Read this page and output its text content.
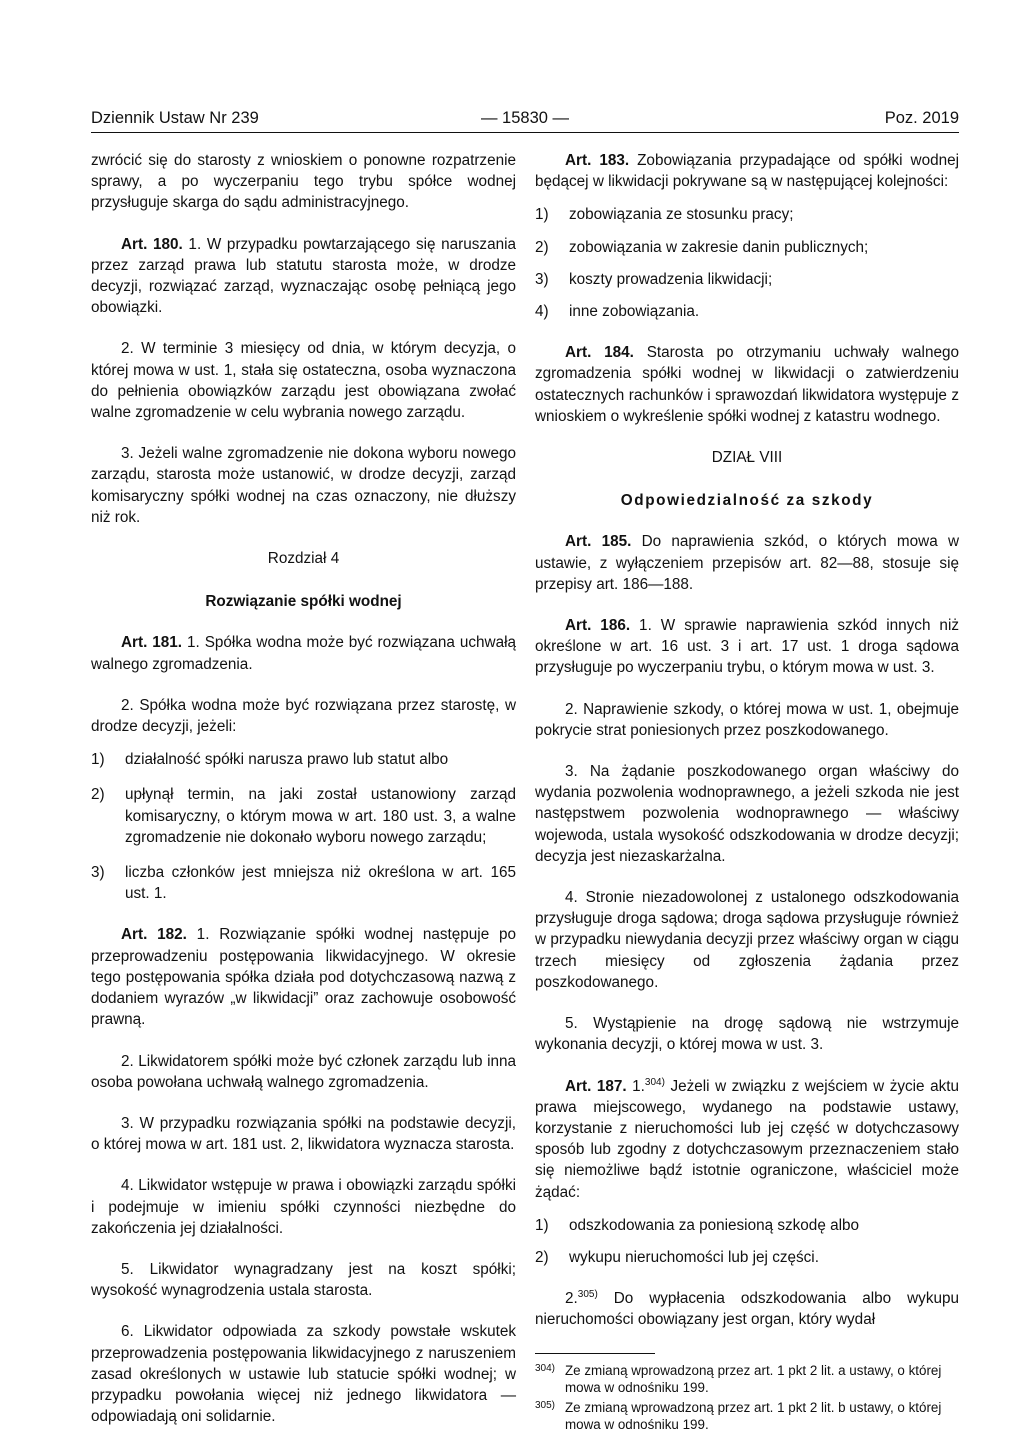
Dziennik Ustaw Nr 239	— 15830 —	Poz. 2019

zwrócić się do starosty z wnioskiem o ponowne rozpatrzenie sprawy, a po wyczerpaniu tego trybu spółce wodnej przysługuje skarga do sądu administracyjnego.

Art. 180. 1. W przypadku powtarzającego się naruszania przez zarząd prawa lub statutu starosta może, w drodze decyzji, rozwiązać zarząd, wyznaczając osobę pełniącą jego obowiązki.

2. W terminie 3 miesięcy od dnia, w którym decyzja, o której mowa w ust. 1, stała się ostateczna, osoba wyznaczona do pełnienia obowiązków zarządu jest obowiązana zwołać walne zgromadzenie w celu wybrania nowego zarządu.

3. Jeżeli walne zgromadzenie nie dokona wyboru nowego zarządu, starosta może ustanowić, w drodze decyzji, zarząd komisaryczny spółki wodnej na czas oznaczony, nie dłuższy niż rok.

Rozdział 4
Rozwiązanie spółki wodnej

Art. 181. 1. Spółka wodna może być rozwiązana uchwałą walnego zgromadzenia.

2. Spółka wodna może być rozwiązana przez starostę, w drodze decyzji, jeżeli:

1) działalność spółki narusza prawo lub statut albo
2) upłynął termin, na jaki został ustanowiony zarząd komisaryczny, o którym mowa w art. 180 ust. 3, a walne zgromadzenie nie dokonało wyboru nowego zarządu;
3) liczba członków jest mniejsza niż określona w art. 165 ust. 1.

Art. 182. 1. Rozwiązanie spółki wodnej następuje po przeprowadzeniu postępowania likwidacyjnego. W okresie tego postępowania spółka działa pod dotychczasową nazwą z dodaniem wyrazów „w likwidacji” oraz zachowuje osobowość prawną.

2. Likwidatorem spółki może być członek zarządu lub inna osoba powołana uchwałą walnego zgromadzenia.

3. W przypadku rozwiązania spółki na podstawie decyzji, o której mowa w art. 181 ust. 2, likwidatora wyznacza starosta.

4. Likwidator wstępuje w prawa i obowiązki zarządu spółki i podejmuje w imieniu spółki czynności niezbędne do zakończenia jej działalności.

5. Likwidator wynagradzany jest na koszt spółki; wysokość wynagrodzenia ustala starosta.

6. Likwidator odpowiada za szkody powstałe wskutek przeprowadzenia postępowania likwidacyjnego z naruszeniem zasad określonych w ustawie lub statucie spółki wodnej; w przypadku powołania więcej niż jednego likwidatora — odpowiadają oni solidarnie.

Art. 183. Zobowiązania przypadające od spółki wodnej będącej w likwidacji pokrywane są w następującej kolejności:

1) zobowiązania ze stosunku pracy;
2) zobowiązania w zakresie danin publicznych;
3) koszty prowadzenia likwidacji;
4) inne zobowiązania.

Art. 184. Starosta po otrzymaniu uchwały walnego zgromadzenia spółki wodnej w likwidacji o zatwierdzeniu ostatecznych rachunków i sprawozdań likwidatora występuje z wnioskiem o wykreślenie spółki wodnej z katastru wodnego.

DZIAŁ VIII
Odpowiedzialność za szkody

Art. 185. Do naprawienia szkód, o których mowa w ustawie, z wyłączeniem przepisów art. 82—88, stosuje się przepisy art. 186—188.

Art. 186. 1. W sprawie naprawienia szkód innych niż określone w art. 16 ust. 3 i art. 17 ust. 1 droga sądowa przysługuje po wyczerpaniu trybu, o którym mowa w ust. 3.

2. Naprawienie szkody, o której mowa w ust. 1, obejmuje pokrycie strat poniesionych przez poszkodowanego.

3. Na żądanie poszkodowanego organ właściwy do wydania pozwolenia wodnoprawnego, a jeżeli szkoda nie jest następstwem pozwolenia wodnoprawnego — właściwy wojewoda, ustala wysokość odszkodowania w drodze decyzji; decyzja jest niezaskarżalna.

4. Stronie niezadowolonej z ustalonego odszkodowania przysługuje droga sądowa; droga sądowa przysługuje również w przypadku niewydania decyzji przez właściwy organ w ciągu trzech miesięcy od zgłoszenia żądania przez poszkodowanego.

5. Wystąpienie na drogę sądową nie wstrzymuje wykonania decyzji, o której mowa w ust. 3.

Art. 187. 1.$^{304)}$ Jeżeli w związku z wejściem w życie aktu prawa miejscowego, wydanego na podstawie ustawy, korzystanie z nieruchomości lub jej część w dotychczasowy sposób lub zgodny z dotychczasowym przeznaczeniem stało się niemożliwe bądź istotnie ograniczone, właściciel może żądać:

1) odszkodowania za poniesioną szkodę albo
2) wykupu nieruchomości lub jej części.

2.$^{305)}$ Do wypłacenia odszkodowania albo wykupu nieruchomości obowiązany jest organ, który wydał

304) Ze zmianą wprowadzoną przez art. 1 pkt 2 lit. a ustawy, o której mowa w odnośniku 199.
305) Ze zmianą wprowadzoną przez art. 1 pkt 2 lit. b ustawy, o której mowa w odnośniku 199.
